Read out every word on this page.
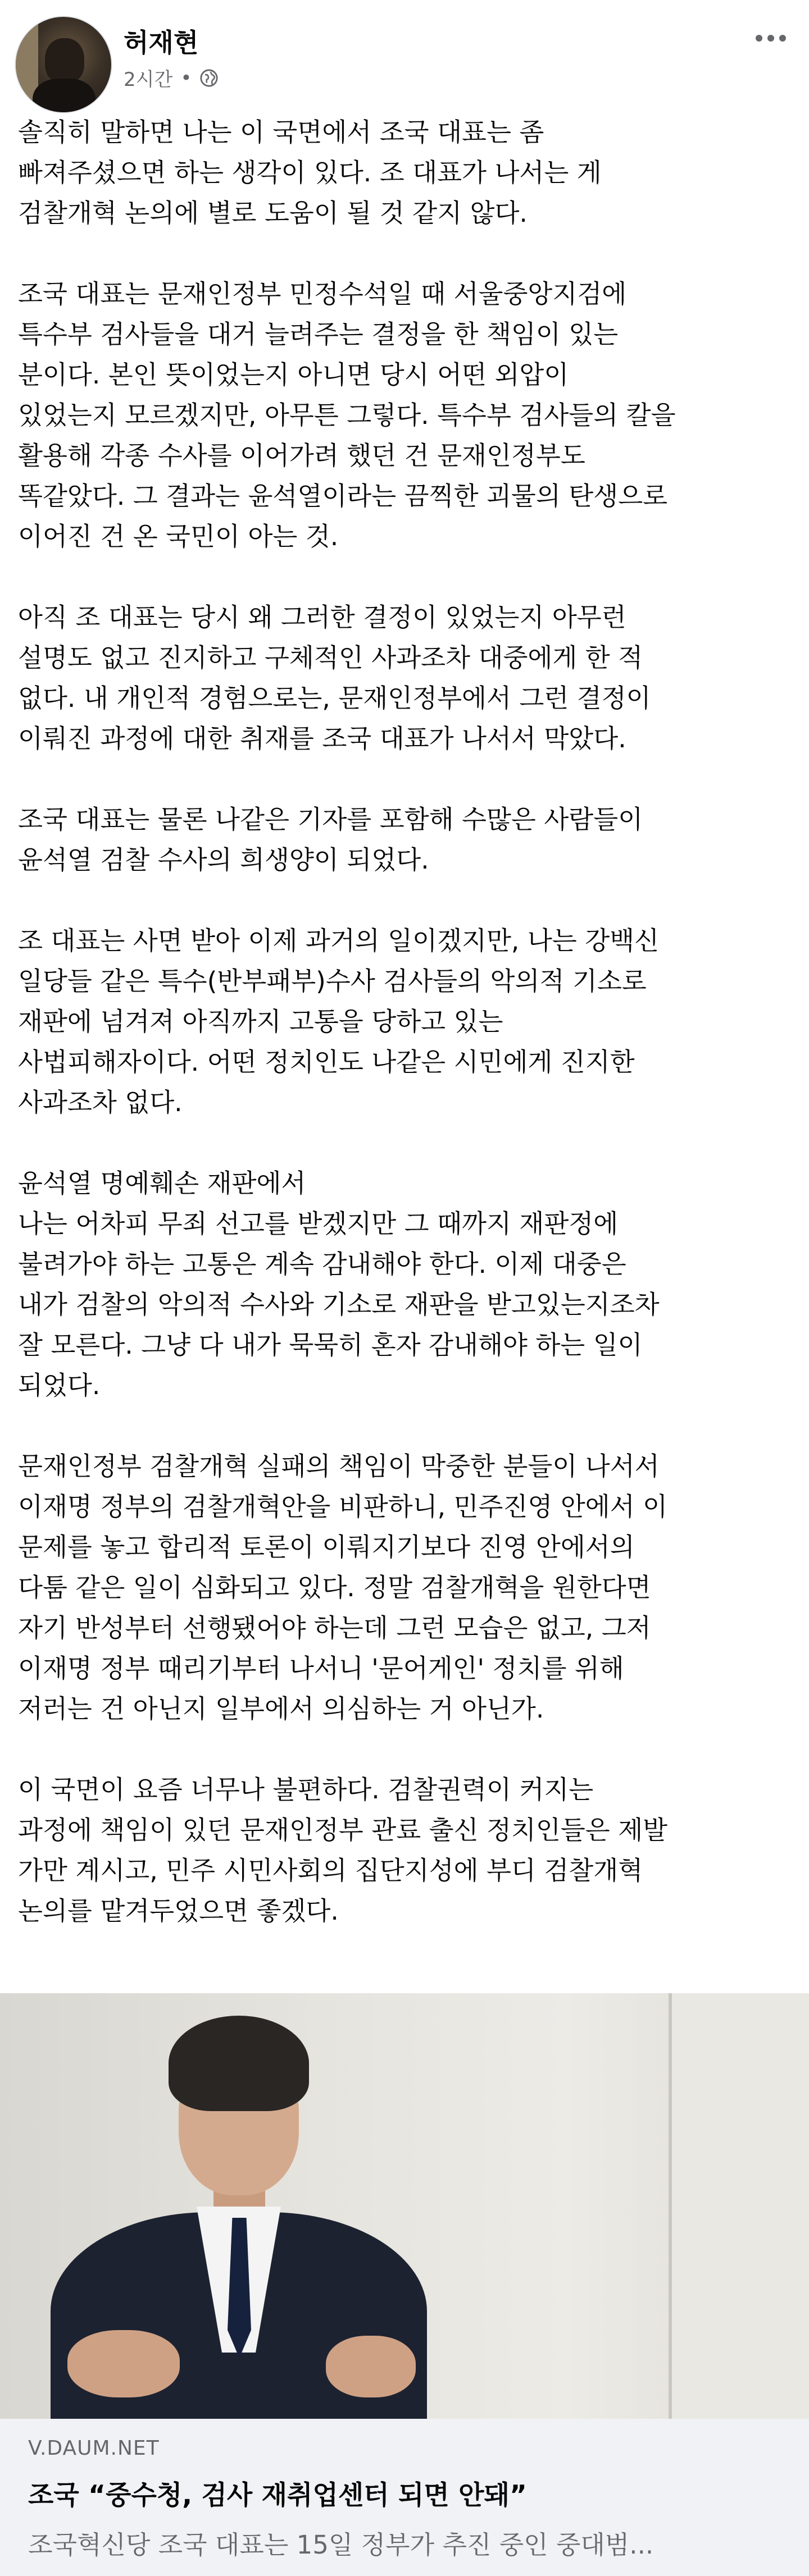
허재현
2시간 •
솔직히 말하면 나는 이 국면에서 조국 대표는 좀
빠져주셨으면 하는 생각이 있다. 조 대표가 나서는 게
검찰개혁 논의에 별로 도움이 될 것 같지 않다.
조국 대표는 문재인정부 민정수석일 때 서울중앙지검에
특수부 검사들을 대거 늘려주는 결정을 한 책임이 있는
분이다. 본인 뜻이었는지 아니면 당시 어떤 외압이
있었는지 모르겠지만, 아무튼 그렇다. 특수부 검사들의 칼을
활용해 각종 수사를 이어가려 했던 건 문재인정부도
똑같았다. 그 결과는 윤석열이라는 끔찍한 괴물의 탄생으로
이어진 건 온 국민이 아는 것.
아직 조 대표는 당시 왜 그러한 결정이 있었는지 아무런
설명도 없고 진지하고 구체적인 사과조차 대중에게 한 적
없다. 내 개인적 경험으로는, 문재인정부에서 그런 결정이
이뤄진 과정에 대한 취재를 조국 대표가 나서서 막았다.
조국 대표는 물론 나같은 기자를 포함해 수많은 사람들이
윤석열 검찰 수사의 희생양이 되었다.
조 대표는 사면 받아 이제 과거의 일이겠지만, 나는 강백신
일당들 같은 특수(반부패부)수사 검사들의 악의적 기소로
재판에 넘겨져 아직까지 고통을 당하고 있는
사법피해자이다. 어떤 정치인도 나같은 시민에게 진지한
사과조차 없다.
윤석열 명예훼손 재판에서
나는 어차피 무죄 선고를 받겠지만 그 때까지 재판정에
불려가야 하는 고통은 계속 감내해야 한다. 이제 대중은
내가 검찰의 악의적 수사와 기소로 재판을 받고있는지조차
잘 모른다. 그냥 다 내가 묵묵히 혼자 감내해야 하는 일이
되었다.
문재인정부 검찰개혁 실패의 책임이 막중한 분들이 나서서
이재명 정부의 검찰개혁안을 비판하니, 민주진영 안에서 이
문제를 놓고 합리적 토론이 이뤄지기보다 진영 안에서의
다툼 같은 일이 심화되고 있다. 정말 검찰개혁을 원한다면
자기 반성부터 선행됐어야 하는데 그런 모습은 없고, 그저
이재명 정부 때리기부터 나서니 '문어게인' 정치를 위해
저러는 건 아닌지 일부에서 의심하는 거 아닌가.
이 국면이 요즘 너무나 불편하다. 검찰권력이 커지는
과정에 책임이 있던 문재인정부 관료 출신 정치인들은 제발
가만 계시고, 민주 시민사회의 집단지성에 부디 검찰개혁
논의를 맡겨두었으면 좋겠다.
V.DAUM.NET
조국 “중수청, 검사 재취업센터 되면 안돼”
조국혁신당 조국 대표는 15일 정부가 추진 중인 중대범...
